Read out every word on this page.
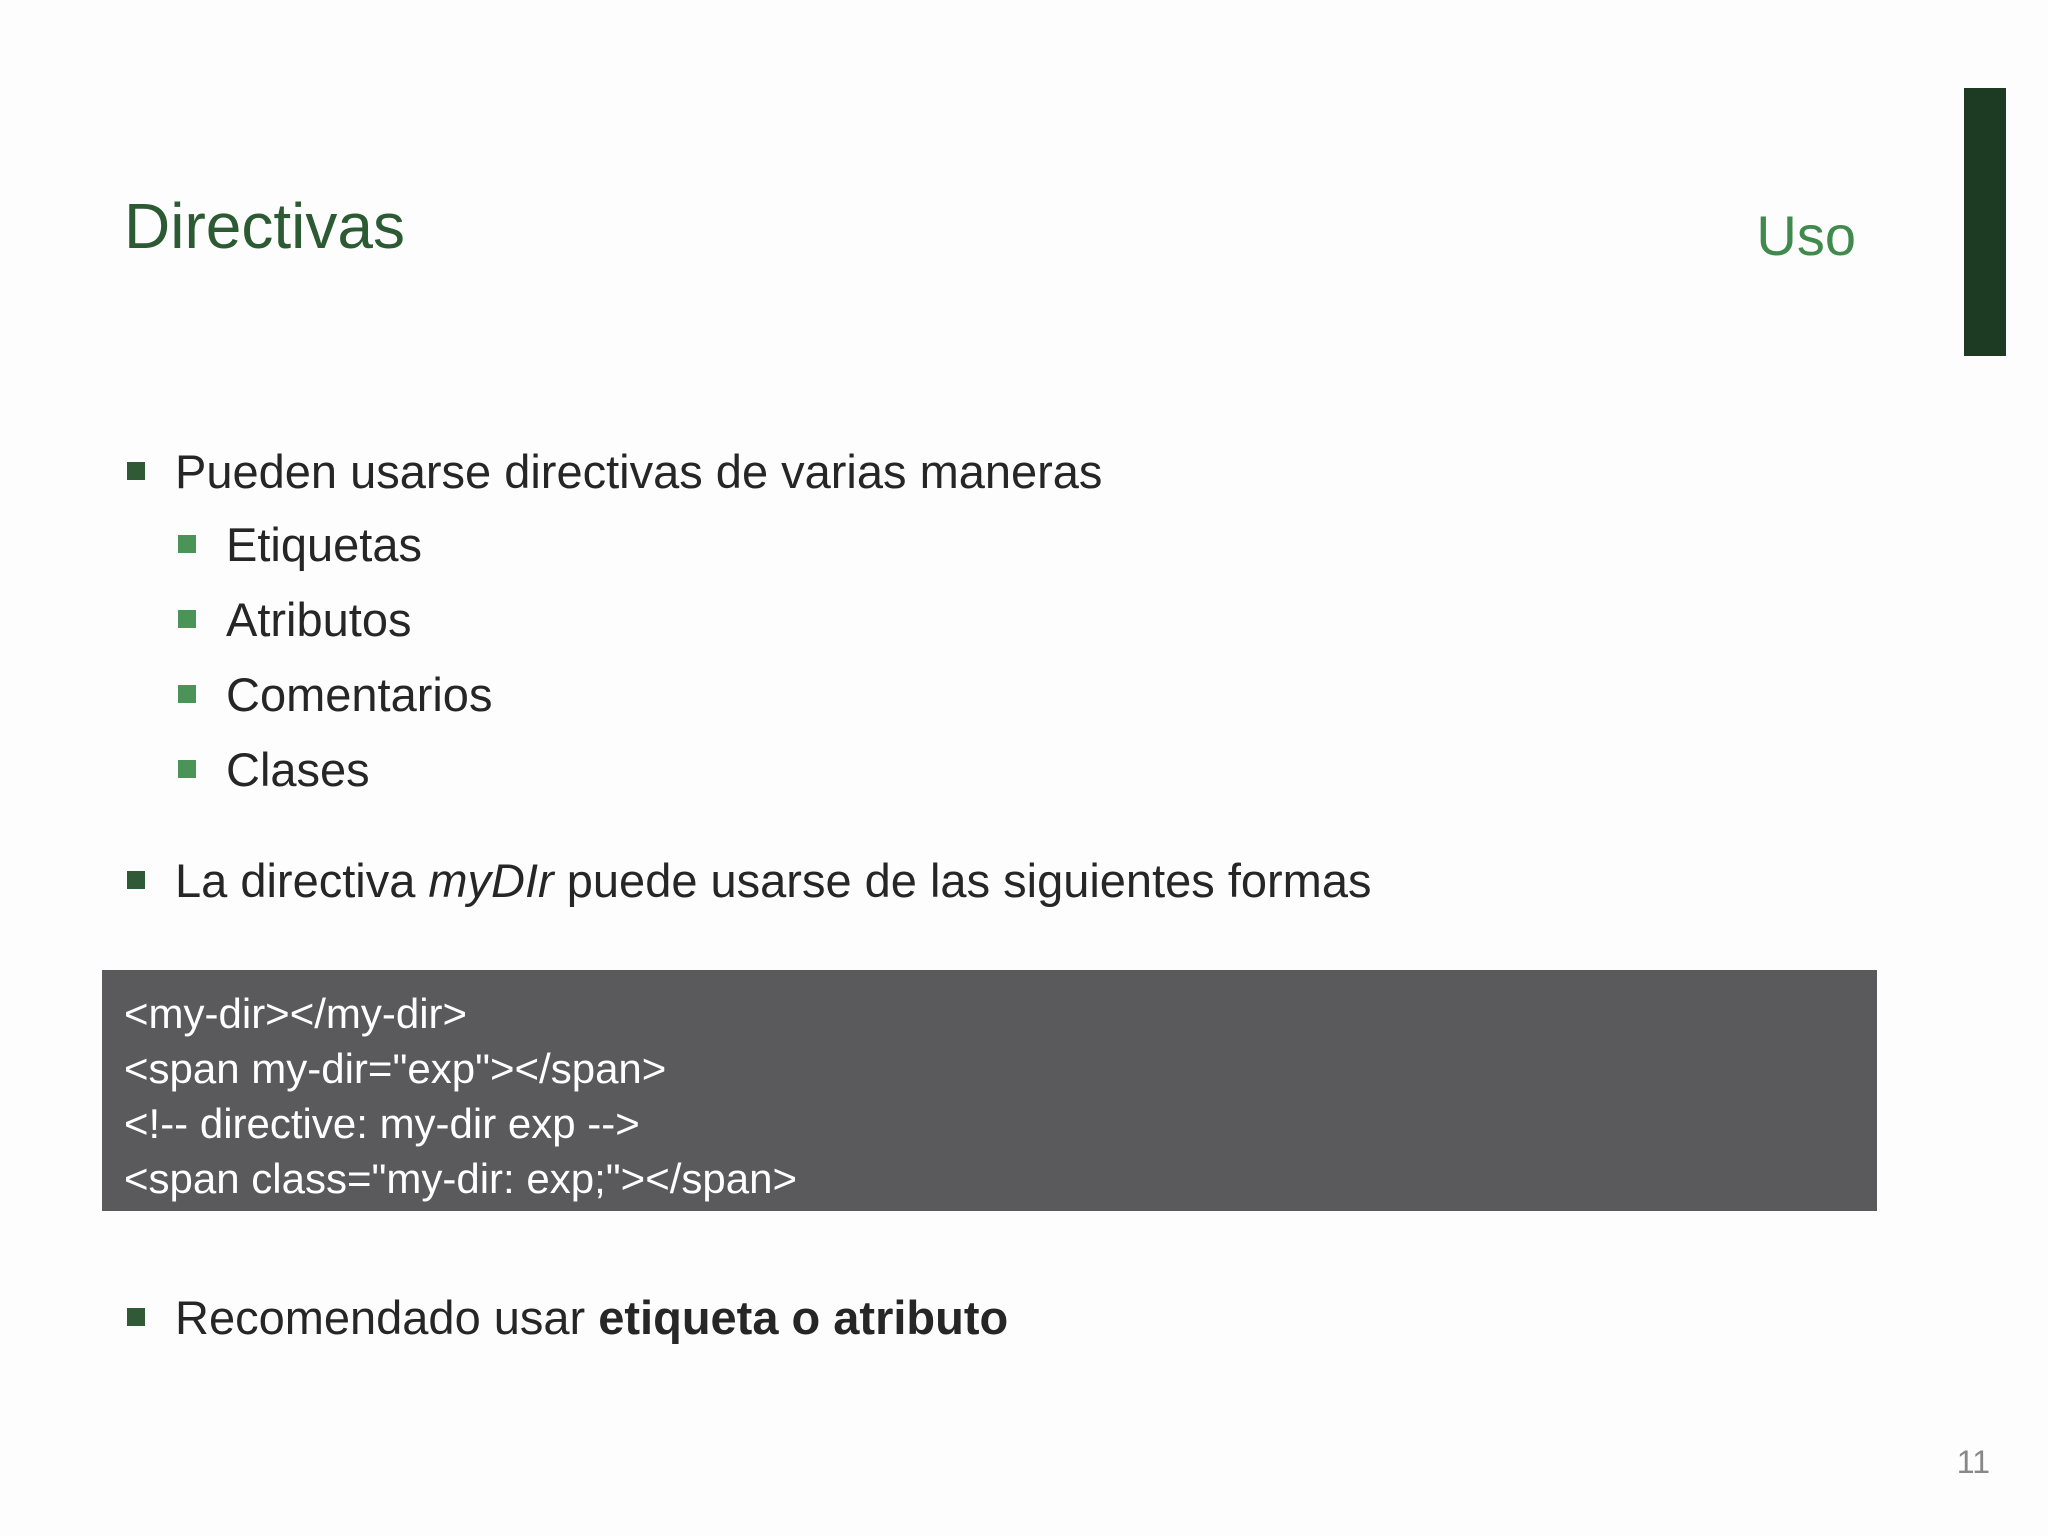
Directivas	Uso
Pueden usarse directivas de varias maneras
Etiquetas
Atributos
Comentarios
Clases
La directiva myDIr puede usarse de las siguientes formas
<my-dir></my-dir>
<span my-dir="exp"></span>
<!-- directive: my-dir exp -->
<span class="my-dir: exp;"></span>
Recomendado usar etiqueta o atributo
11
